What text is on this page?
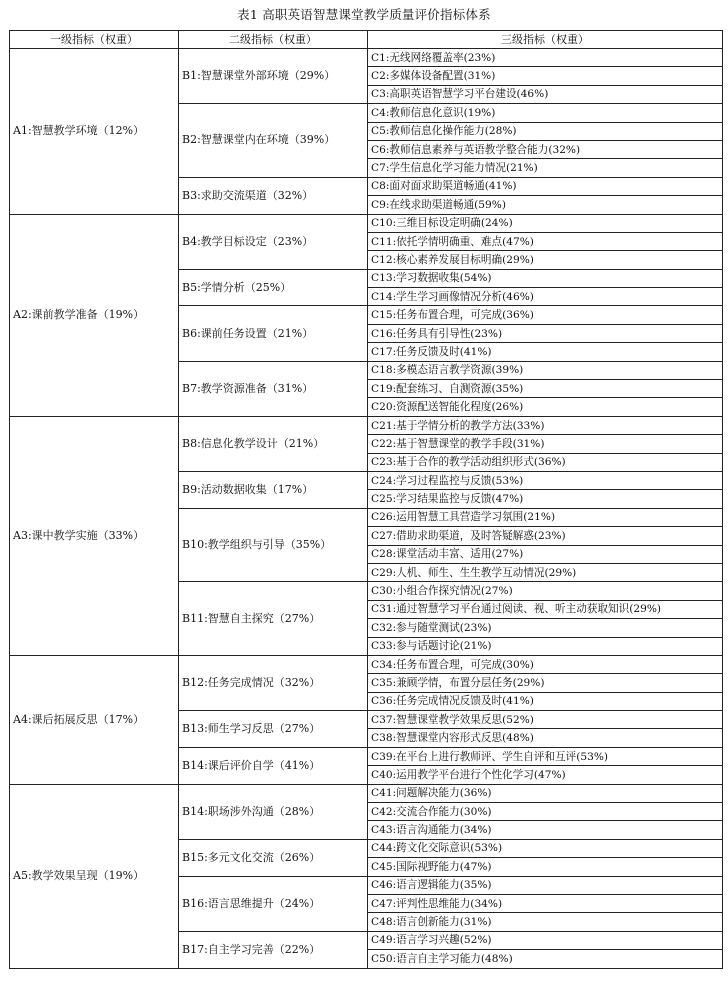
表1 高职英语智慧课堂教学质量评价指标体系
一级指标（权重）	二级指标（权重）	三级指标（权重）
A1:智慧教学环境（12%）	B1:智慧课堂外部环境（29%）	C1:无线网络覆盖率(23%)
		C2:多媒体设备配置(31%)
		C3:高职英语智慧学习平台建设(46%)
	B2:智慧课堂内在环境（39%）	C4:教师信息化意识(19%)
		C5:教师信息化操作能力(28%)
		C6:教师信息素养与英语教学整合能力(32%)
		C7:学生信息化学习能力情况(21%)
	B3:求助交流渠道（32%）	C8:面对面求助渠道畅通(41%)
		C9:在线求助渠道畅通(59%)
A2:课前教学准备（19%）	B4:教学目标设定（23%）	C10:三维目标设定明确(24%)
		C11:依托学情明确重、难点(47%)
		C12:核心素养发展目标明确(29%)
	B5:学情分析（25%）	C13:学习数据收集(54%)
		C14:学生学习画像情况分析(46%)
	B6:课前任务设置（21%）	C15:任务布置合理，可完成(36%)
		C16:任务具有引导性(23%)
		C17:任务反馈及时(41%)
	B7:教学资源准备（31%）	C18:多模态语言教学资源(39%)
		C19:配套练习、自测资源(35%)
		C20:资源配送智能化程度(26%)
A3:课中教学实施（33%）	B8:信息化教学设计（21%）	C21:基于学情分析的教学方法(33%)
		C22:基于智慧课堂的教学手段(31%)
		C23:基于合作的教学活动组织形式(36%)
	B9:活动数据收集（17%）	C24:学习过程监控与反馈(53%)
		C25:学习结果监控与反馈(47%)
	B10:教学组织与引导（35%）	C26:运用智慧工具营造学习氛围(21%)
		C27:借助求助渠道，及时答疑解惑(23%)
		C28:课堂活动丰富、适用(27%)
		C29:人机、师生、生生教学互动情况(29%)
	B11:智慧自主探究（27%）	C30:小组合作探究情况(27%)
		C31:通过智慧学习平台通过阅读、视、听主动获取知识(29%)
		C32:参与随堂测试(23%)
		C33:参与话题讨论(21%)
A4:课后拓展反思（17%）	B12:任务完成情况（32%）	C34:任务布置合理，可完成(30%)
		C35:兼顾学情，布置分层任务(29%)
		C36:任务完成情况反馈及时(41%)
	B13:师生学习反思（27%）	C37:智慧课堂教学效果反思(52%)
		C38:智慧课堂内容形式反思(48%)
	B14:课后评价自学（41%）	C39:在平台上进行教师评、学生自评和互评(53%)
		C40:运用教学平台进行个性化学习(47%)
A5:教学效果呈现（19%）	B14:职场涉外沟通（28%）	C41:问题解决能力(36%)
		C42:交流合作能力(30%)
		C43:语言沟通能力(34%)
	B15:多元文化交流（26%）	C44:跨文化交际意识(53%)
		C45:国际视野能力(47%)
	B16:语言思维提升（24%）	C46:语言逻辑能力(35%)
		C47:评判性思维能力(34%)
		C48:语言创新能力(31%)
	B17:自主学习完善（22%）	C49:语言学习兴趣(52%)
		C50:语言自主学习能力(48%)
